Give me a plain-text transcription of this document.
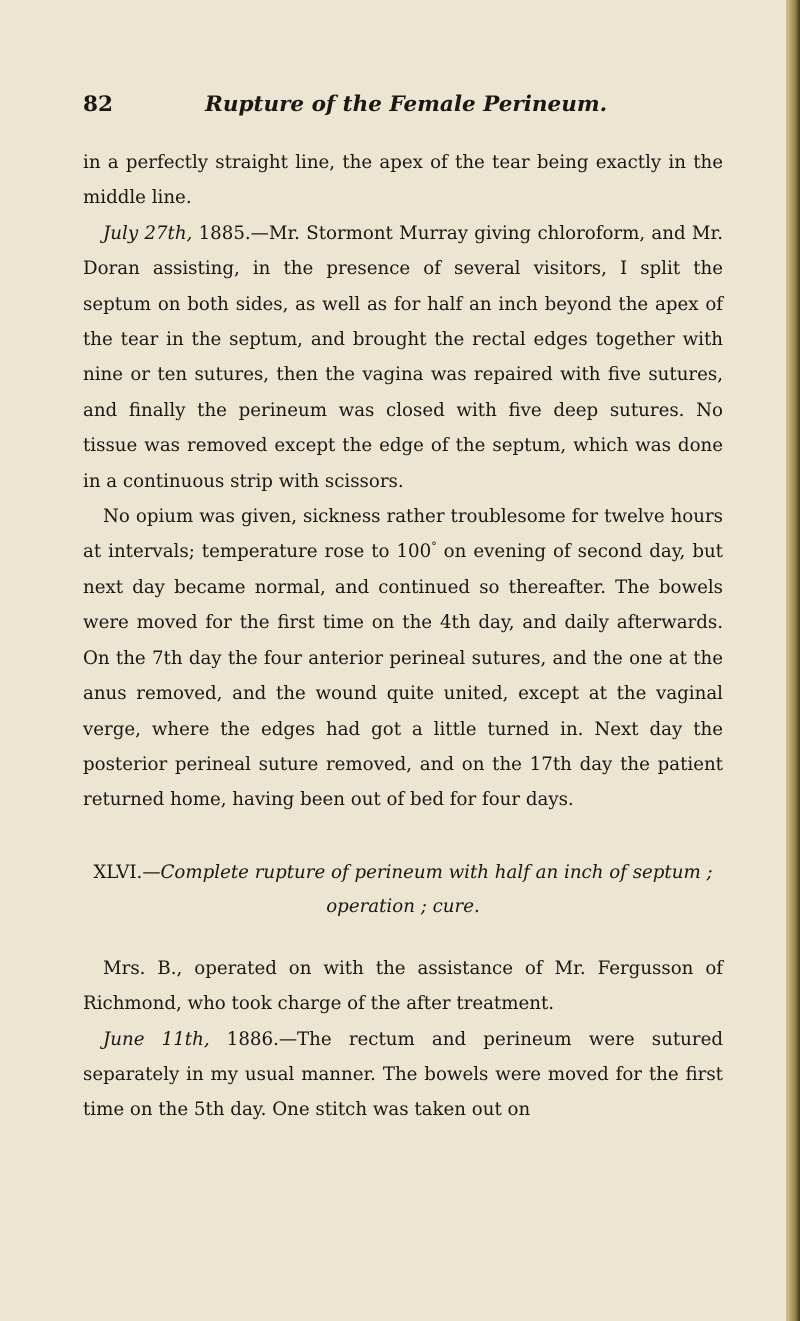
82	Rupture of the Female Perineum.

in a perfectly straight line, the apex of the tear being exactly in the middle line.

July 27th, 1885.—Mr. Stormont Murray giving chloroform, and Mr. Doran assisting, in the presence of several visitors, I split the septum on both sides, as well as for half an inch beyond the apex of the tear in the septum, and brought the rectal edges together with nine or ten sutures, then the vagina was repaired with five sutures, and finally the perineum was closed with five deep sutures. No tissue was removed except the edge of the septum, which was done in a continuous strip with scissors.

No opium was given, sickness rather troublesome for twelve hours at intervals; temperature rose to 100° on evening of second day, but next day became normal, and continued so thereafter. The bowels were moved for the first time on the 4th day, and daily afterwards. On the 7th day the four anterior perineal sutures, and the one at the anus removed, and the wound quite united, except at the vaginal verge, where the edges had got a little turned in. Next day the posterior perineal suture removed, and on the 17th day the patient returned home, having been out of bed for four days.

XLVI.—Complete rupture of perineum with half an inch of septum ; operation ; cure.

Mrs. B., operated on with the assistance of Mr. Fergusson of Richmond, who took charge of the after treatment.

June 11th, 1886.—The rectum and perineum were sutured separately in my usual manner. The bowels were moved for the first time on the 5th day. One stitch was taken out on
